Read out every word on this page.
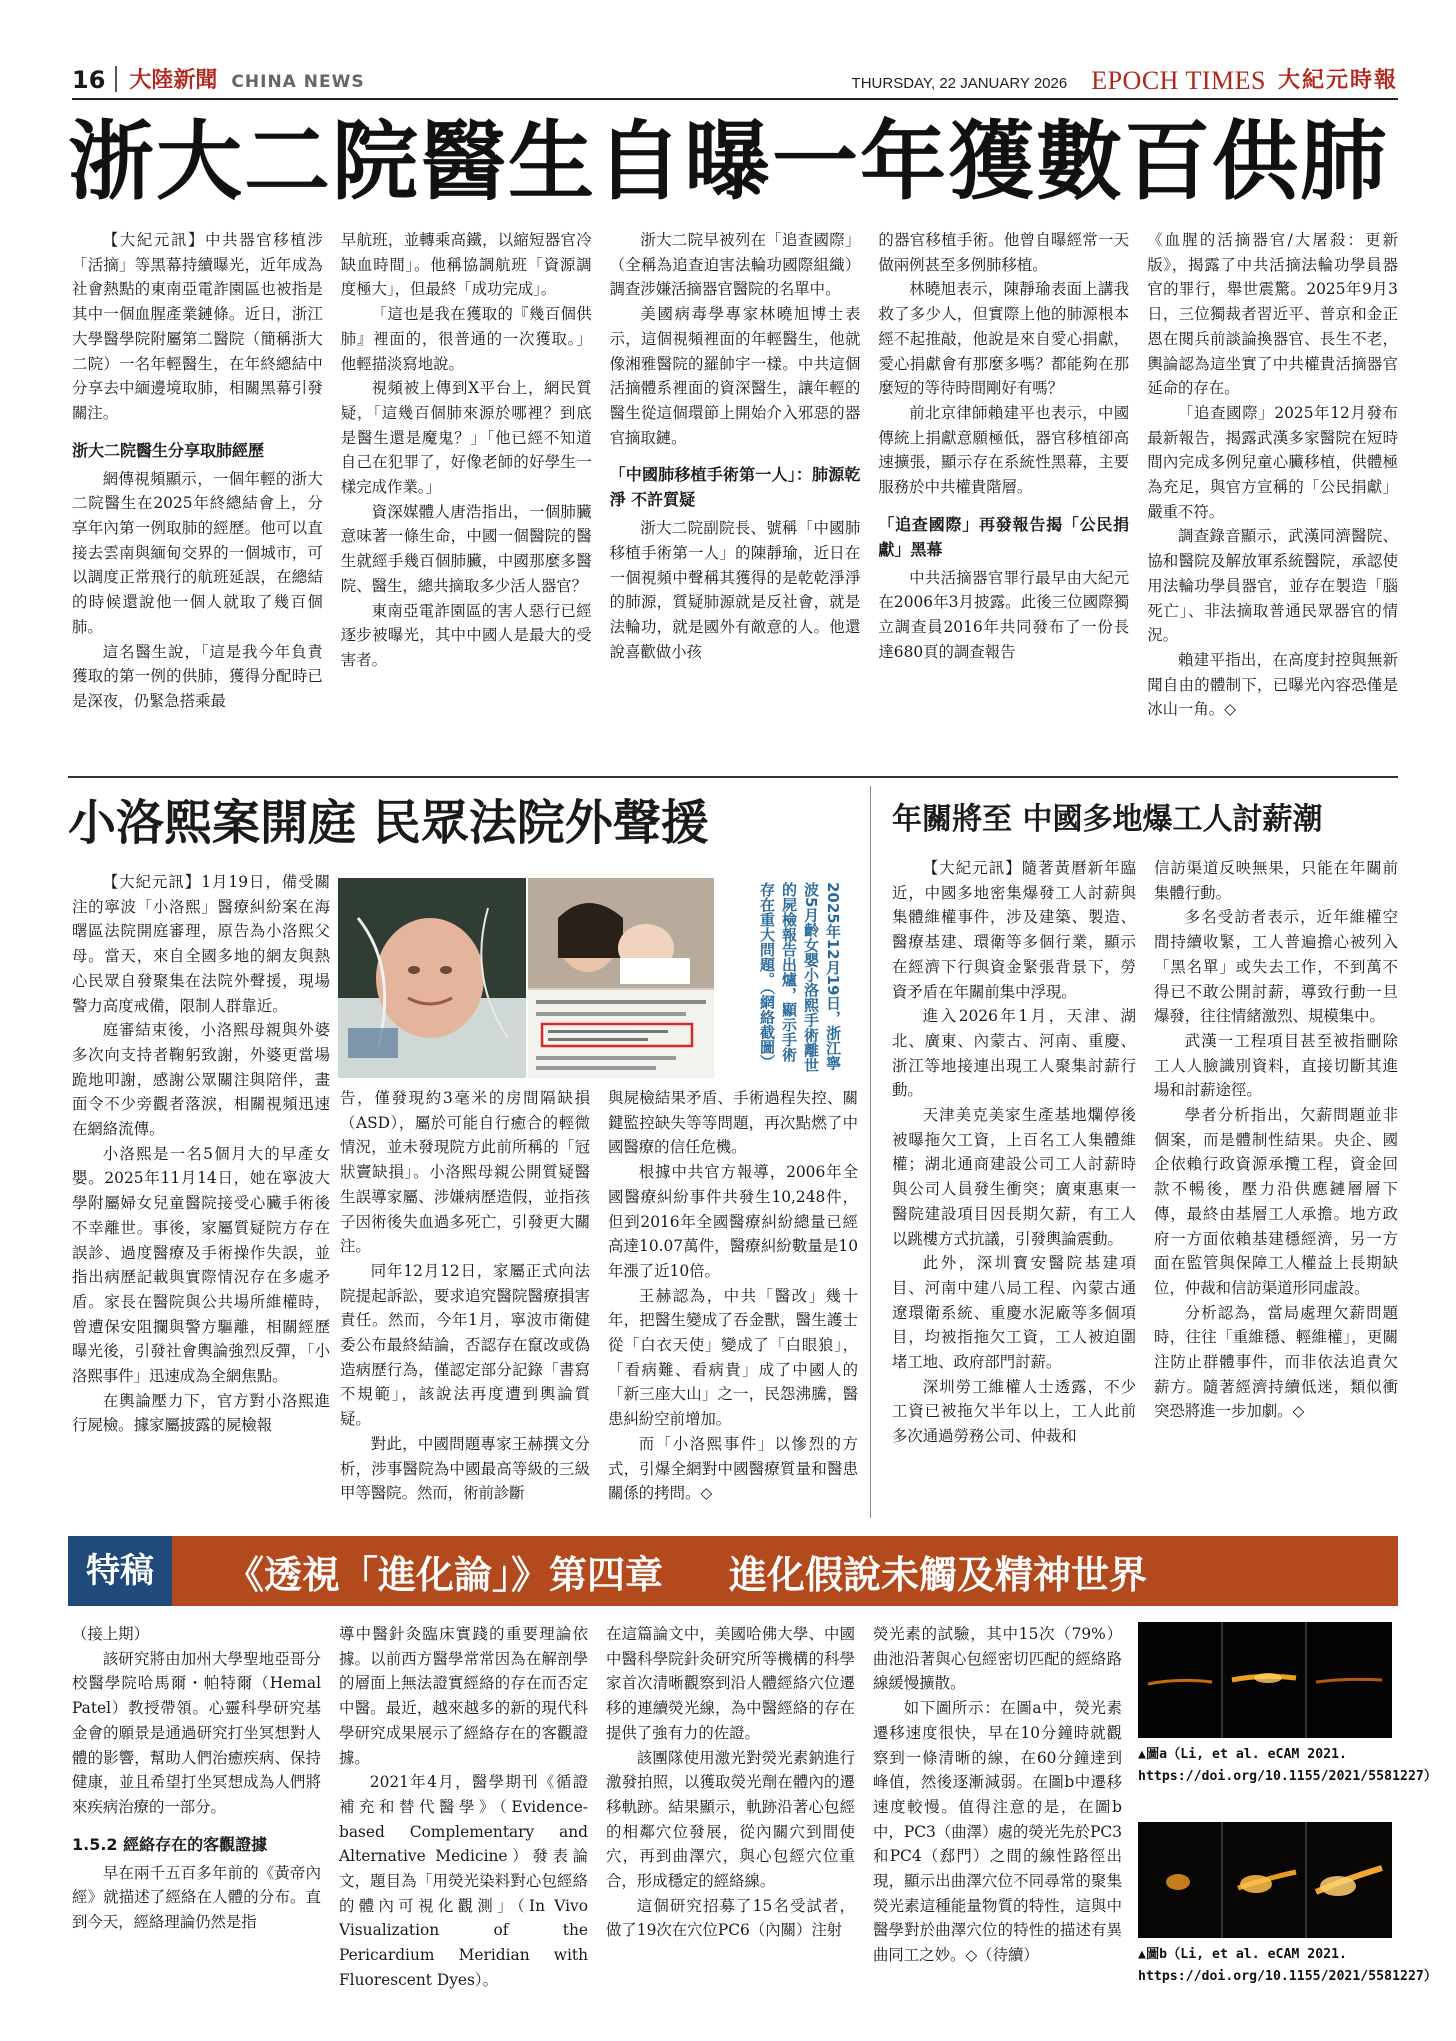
16	大陸新聞 CHINA NEWS	THURSDAY, 22 JANUARY 2026 EPOCH TIMES 大紀元時報
浙大二院醫生自曝一年獲數百供肺

【大紀元訊】中共器官移植涉「活摘」等黑幕持續曝光，近年成為社會熱點的東南亞電詐園區也被指是其中一個血腥產業鏈條。近日，浙江大學醫學院附屬第二醫院（簡稱浙大二院）一名年輕醫生，在年終總結中分享去中緬邊境取肺，相關黑幕引發關注。

浙大二院醫生分享取肺經歷

網傳視頻顯示，一個年輕的浙大二院醫生在2025年終總結會上，分享年內第一例取肺的經歷。他可以直接去雲南與緬甸交界的一個城市，可以調度正常飛行的航班延誤，在總結的時候還說他一個人就取了幾百個肺。

這名醫生說，「這是我今年負責獲取的第一例的供肺，獲得分配時已是深夜，仍緊急搭乘最

早航班，並轉乘高鐵，以縮短器官冷缺血時間」。他稱協調航班「資源調度極大」，但最終「成功完成」。

「這也是我在獲取的『幾百個供肺』裡面的，很普通的一次獲取。」他輕描淡寫地說。

視頻被上傳到X平台上，網民質疑，「這幾百個肺來源於哪裡？到底是醫生還是魔鬼？」「他已經不知道自己在犯罪了，好像老師的好學生一樣完成作業。」

資深媒體人唐浩指出，一個肺臟意味著一條生命，中國一個醫院的醫生就經手幾百個肺臟，中國那麼多醫院、醫生，總共摘取多少活人器官？

東南亞電詐園區的害人惡行已經逐步被曝光，其中中國人是最大的受害者。

浙大二院早被列在「追查國際」（全稱為追查迫害法輪功國際組織）調查涉嫌活摘器官醫院的名單中。

美國病毒學專家林曉旭博士表示，這個視頻裡面的年輕醫生，他就像湘雅醫院的羅帥宇一樣。中共這個活摘體系裡面的資深醫生，讓年輕的醫生從這個環節上開始介入邪惡的器官摘取鏈。

「中國肺移植手術第一人」：肺源乾淨 不許質疑

浙大二院副院長、號稱「中國肺移植手術第一人」的陳靜瑜，近日在一個視頻中聲稱其獲得的是乾乾淨淨的肺源，質疑肺源就是反社會，就是法輪功，就是國外有敵意的人。他還說喜歡做小孩

的器官移植手術。他曾自曝經常一天做兩例甚至多例肺移植。

林曉旭表示，陳靜瑜表面上講我救了多少人，但實際上他的肺源根本經不起推敲，他說是來自愛心捐獻，愛心捐獻會有那麼多嗎？都能夠在那麼短的等待時間剛好有嗎？

前北京律師賴建平也表示，中國傳統上捐獻意願極低，器官移植卻高速擴張，顯示存在系統性黑幕，主要服務於中共權貴階層。

「追查國際」再發報告揭「公民捐獻」黑幕

中共活摘器官罪行最早由大紀元在2006年3月披露。此後三位國際獨立調查員2016年共同發布了一份長達680頁的調查報告

《血腥的活摘器官/大屠殺：更新版》，揭露了中共活摘法輪功學員器官的罪行，舉世震驚。2025年9月3日，三位獨裁者習近平、普京和金正恩在閱兵前談論換器官、長生不老，輿論認為這坐實了中共權貴活摘器官延命的存在。

「追查國際」2025年12月發布最新報告，揭露武漢多家醫院在短時間內完成多例兒童心臟移植，供體極為充足，與官方宣稱的「公民捐獻」嚴重不符。

調查錄音顯示，武漢同濟醫院、協和醫院及解放軍系統醫院，承認使用法輪功學員器官，並存在製造「腦死亡」、非法摘取普通民眾器官的情況。

賴建平指出，在高度封控與無新聞自由的體制下，已曝光內容恐僅是冰山一角。◇

小洛熙案開庭 民眾法院外聲援
2025年12月19日，浙江寧波5月齡女嬰小洛熙手術離世的屍檢報告出爐，顯示手術存在重大問題。（網絡截圖）

【大紀元訊】1月19日，備受關注的寧波「小洛熙」醫療糾紛案在海曙區法院開庭審理，原告為小洛熙父母。當天，來自全國多地的網友與熱心民眾自發聚集在法院外聲援，現場警力高度戒備，限制人群靠近。

庭審結束後，小洛熙母親與外婆多次向支持者鞠躬致謝，外婆更當場跪地叩謝，感謝公眾關注與陪伴，畫面令不少旁觀者落淚，相關視頻迅速在網絡流傳。

小洛熙是一名5個月大的早產女嬰。2025年11月14日，她在寧波大學附屬婦女兒童醫院接受心臟手術後不幸離世。事後，家屬質疑院方存在誤診、過度醫療及手術操作失誤，並指出病歷記載與實際情況存在多處矛盾。家長在醫院與公共場所維權時，曾遭保安阻攔與警方驅離，相關經歷曝光後，引發社會輿論強烈反彈，「小洛熙事件」迅速成為全網焦點。

在輿論壓力下，官方對小洛熙進行屍檢。據家屬披露的屍檢報

告，僅發現約3毫米的房間隔缺損（ASD），屬於可能自行癒合的輕微情況，並未發現院方此前所稱的「冠狀竇缺損」。小洛熙母親公開質疑醫生誤導家屬、涉嫌病歷造假，並指孩子因術後失血過多死亡，引發更大關注。

同年12月12日，家屬正式向法院提起訴訟，要求追究醫院醫療損害責任。然而，今年1月，寧波市衛健委公布最終結論，否認存在竄改或偽造病歷行為，僅認定部分記錄「書寫不規範」，該說法再度遭到輿論質疑。

對此，中國問題專家王赫撰文分析，涉事醫院為中國最高等級的三級甲等醫院。然而，術前診斷

與屍檢結果矛盾、手術過程失控、關鍵監控缺失等等問題，再次點燃了中國醫療的信任危機。

根據中共官方報導，2006年全國醫療糾紛事件共發生10,248件，但到2016年全國醫療糾紛總量已經高達10.07萬件，醫療糾紛數量是10年漲了近10倍。

王赫認為，中共「醫改」幾十年，把醫生變成了吞金獸，醫生護士從「白衣天使」變成了「白眼狼」，「看病難、看病貴」成了中國人的「新三座大山」之一，民怨沸騰，醫患糾紛空前增加。

而「小洛熙事件」以慘烈的方式，引爆全網對中國醫療質量和醫患關係的拷問。◇

年關將至 中國多地爆工人討薪潮

【大紀元訊】隨著黃曆新年臨近，中國多地密集爆發工人討薪與集體維權事件，涉及建築、製造、醫療基建、環衛等多個行業，顯示在經濟下行與資金緊張背景下，勞資矛盾在年關前集中浮現。

進入2026年1月，天津、湖北、廣東、內蒙古、河南、重慶、浙江等地接連出現工人聚集討薪行動。

天津美克美家生產基地爛停後被曝拖欠工資，上百名工人集體維權；湖北通商建設公司工人討薪時與公司人員發生衝突；廣東惠東一醫院建設項目因長期欠薪，有工人以跳樓方式抗議，引發輿論震動。

此外，深圳寶安醫院基建項目、河南中建八局工程、內蒙古通遼環衛系統、重慶水泥廠等多個項目，均被指拖欠工資，工人被迫圍堵工地、政府部門討薪。

深圳勞工維權人士透露，不少工資已被拖欠半年以上，工人此前多次通過勞務公司、仲裁和

信訪渠道反映無果，只能在年關前集體行動。

多名受訪者表示，近年維權空間持續收緊，工人普遍擔心被列入「黑名單」或失去工作，不到萬不得已不敢公開討薪，導致行動一旦爆發，往往情緒激烈、規模集中。

武漢一工程項目甚至被指刪除工人人臉識別資料，直接切斷其進場和討薪途徑。

學者分析指出，欠薪問題並非個案，而是體制性結果。央企、國企依賴行政資源承攬工程，資金回款不暢後，壓力沿供應鏈層層下傳，最終由基層工人承擔。地方政府一方面依賴基建穩經濟，另一方面在監管與保障工人權益上長期缺位，仲裁和信訪渠道形同虛設。

分析認為，當局處理欠薪問題時，往往「重維穩、輕維權」，更關注防止群體事件，而非依法追責欠薪方。隨著經濟持續低迷，類似衝突恐將進一步加劇。◇

特稿	《透視「進化論」》第四章 進化假說未觸及精神世界

（接上期）

該研究將由加州大學聖地亞哥分校醫學院哈馬爾・帕特爾（Hemal Patel）教授帶領。心靈科學研究基金會的願景是通過研究打坐冥想對人體的影響，幫助人們治癒疾病、保持健康，並且希望打坐冥想成為人們將來疾病治療的一部分。

1.5.2 經絡存在的客觀證據

早在兩千五百多年前的《黃帝內經》就描述了經絡在人體的分布。直到今天，經絡理論仍然是指

導中醫針灸臨床實踐的重要理論依據。以前西方醫學常常因為在解剖學的層面上無法證實經絡的存在而否定中醫。最近，越來越多的新的現代科學研究成果展示了經絡存在的客觀證據。

2021年4月，醫學期刊《循證補充和替代醫學》（Evidence-based Complementary and Alternative Medicine）發表論文，題目為「用熒光染料對心包經絡的體內可視化觀測」（In Vivo Visualization of the Pericardium Meridian with Fluorescent Dyes）。

在這篇論文中，美國哈佛大學、中國中醫科學院針灸研究所等機構的科學家首次清晰觀察到沿人體經絡穴位遷移的連續熒光線，為中醫經絡的存在提供了強有力的佐證。

該團隊使用激光對熒光素鈉進行激發拍照，以獲取熒光劑在體內的遷移軌跡。結果顯示，軌跡沿著心包經的相鄰穴位發展，從內關穴到間使穴，再到曲澤穴，與心包經穴位重合，形成穩定的經絡線。

這個研究招募了15名受試者，做了19次在穴位PC6（內關）注射

熒光素的試驗，其中15次（79%）曲池沿著與心包經密切匹配的經絡路線緩慢擴散。

如下圖所示：在圖a中，熒光素遷移速度很快，早在10分鐘時就觀察到一條清晰的線，在60分鐘達到峰值，然後逐漸減弱。在圖b中遷移速度較慢。值得注意的是，在圖b中，PC3（曲澤）處的熒光先於PC3和PC4（郄門）之間的線性路徑出現，顯示出曲澤穴位不同尋常的聚集熒光素這種能量物質的特性，這與中醫學對於曲澤穴位的特性的描述有異曲同工之妙。◇（待續）

▲圖a（Li, et al. eCAM 2021. https://doi.org/10.1155/2021/5581227）
▲圖b（Li, et al. eCAM 2021. https://doi.org/10.1155/2021/5581227）
